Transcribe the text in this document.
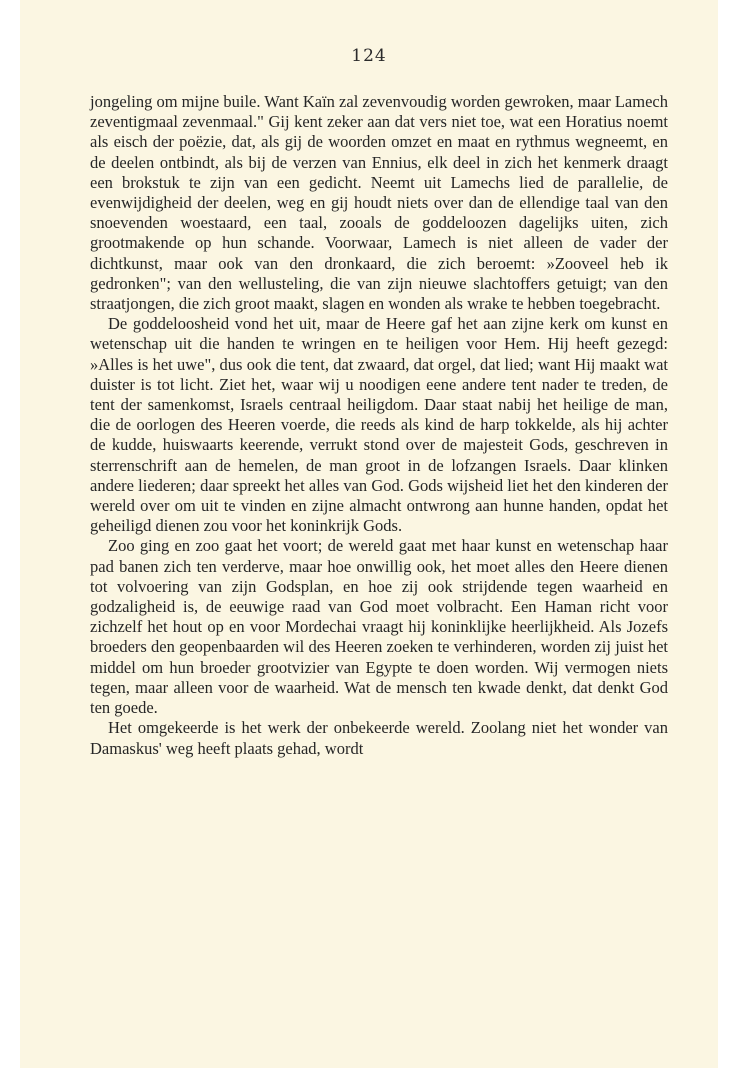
124

jongeling om mijne buile. Want Kaïn zal zevenvoudig worden gewroken, maar Lamech zeventigmaal zevenmaal." Gij kent zeker aan dat vers niet toe, wat een Horatius noemt als eisch der poëzie, dat, als gij de woorden omzet en maat en rythmus wegneemt, en de deelen ontbindt, als bij de verzen van Ennius, elk deel in zich het kenmerk draagt een brokstuk te zijn van een gedicht. Neemt uit Lamechs lied de parallelie, de evenwijdigheid der deelen, weg en gij houdt niets over dan de ellendige taal van den snoevenden woestaard, een taal, zooals de goddeloozen dagelijks uiten, zich grootmakende op hun schande. Voorwaar, Lamech is niet alleen de vader der dichtkunst, maar ook van den dronkaard, die zich beroemt: »Zooveel heb ik gedronken"; van den wellusteling, die van zijn nieuwe slachtoffers getuigt; van den straatjongen, die zich groot maakt, slagen en wonden als wrake te hebben toegebracht.

De goddeloosheid vond het uit, maar de Heere gaf het aan zijne kerk om kunst en wetenschap uit die handen te wringen en te heiligen voor Hem. Hij heeft gezegd: »Alles is het uwe", dus ook die tent, dat zwaard, dat orgel, dat lied; want Hij maakt wat duister is tot licht. Ziet het, waar wij u noodigen eene andere tent nader te treden, de tent der samenkomst, Israels centraal heiligdom. Daar staat nabij het heilige de man, die de oorlogen des Heeren voerde, die reeds als kind de harp tokkelde, als hij achter de kudde, huiswaarts keerende, verrukt stond over de majesteit Gods, geschreven in sterrenschrift aan de hemelen, de man groot in de lofzangen Israels. Daar klinken andere liederen; daar spreekt het alles van God. Gods wijsheid liet het den kinderen der wereld over om uit te vinden en zijne almacht ontwrong aan hunne handen, opdat het geheiligd dienen zou voor het koninkrijk Gods.

Zoo ging en zoo gaat het voort; de wereld gaat met haar kunst en wetenschap haar pad banen zich ten verderve, maar hoe onwillig ook, het moet alles den Heere dienen tot volvoering van zijn Godsplan, en hoe zij ook strijdende tegen waarheid en godzaligheid is, de eeuwige raad van God moet volbracht. Een Haman richt voor zichzelf het hout op en voor Mordechai vraagt hij koninklijke heerlijkheid. Als Jozefs broeders den geopenbaarden wil des Heeren zoeken te verhinderen, worden zij juist het middel om hun broeder grootvizier van Egypte te doen worden. Wij vermogen niets tegen, maar alleen voor de waarheid. Wat de mensch ten kwade denkt, dat denkt God ten goede.

Het omgekeerde is het werk der onbekeerde wereld. Zoolang niet het wonder van Damaskus' weg heeft plaats gehad, wordt
